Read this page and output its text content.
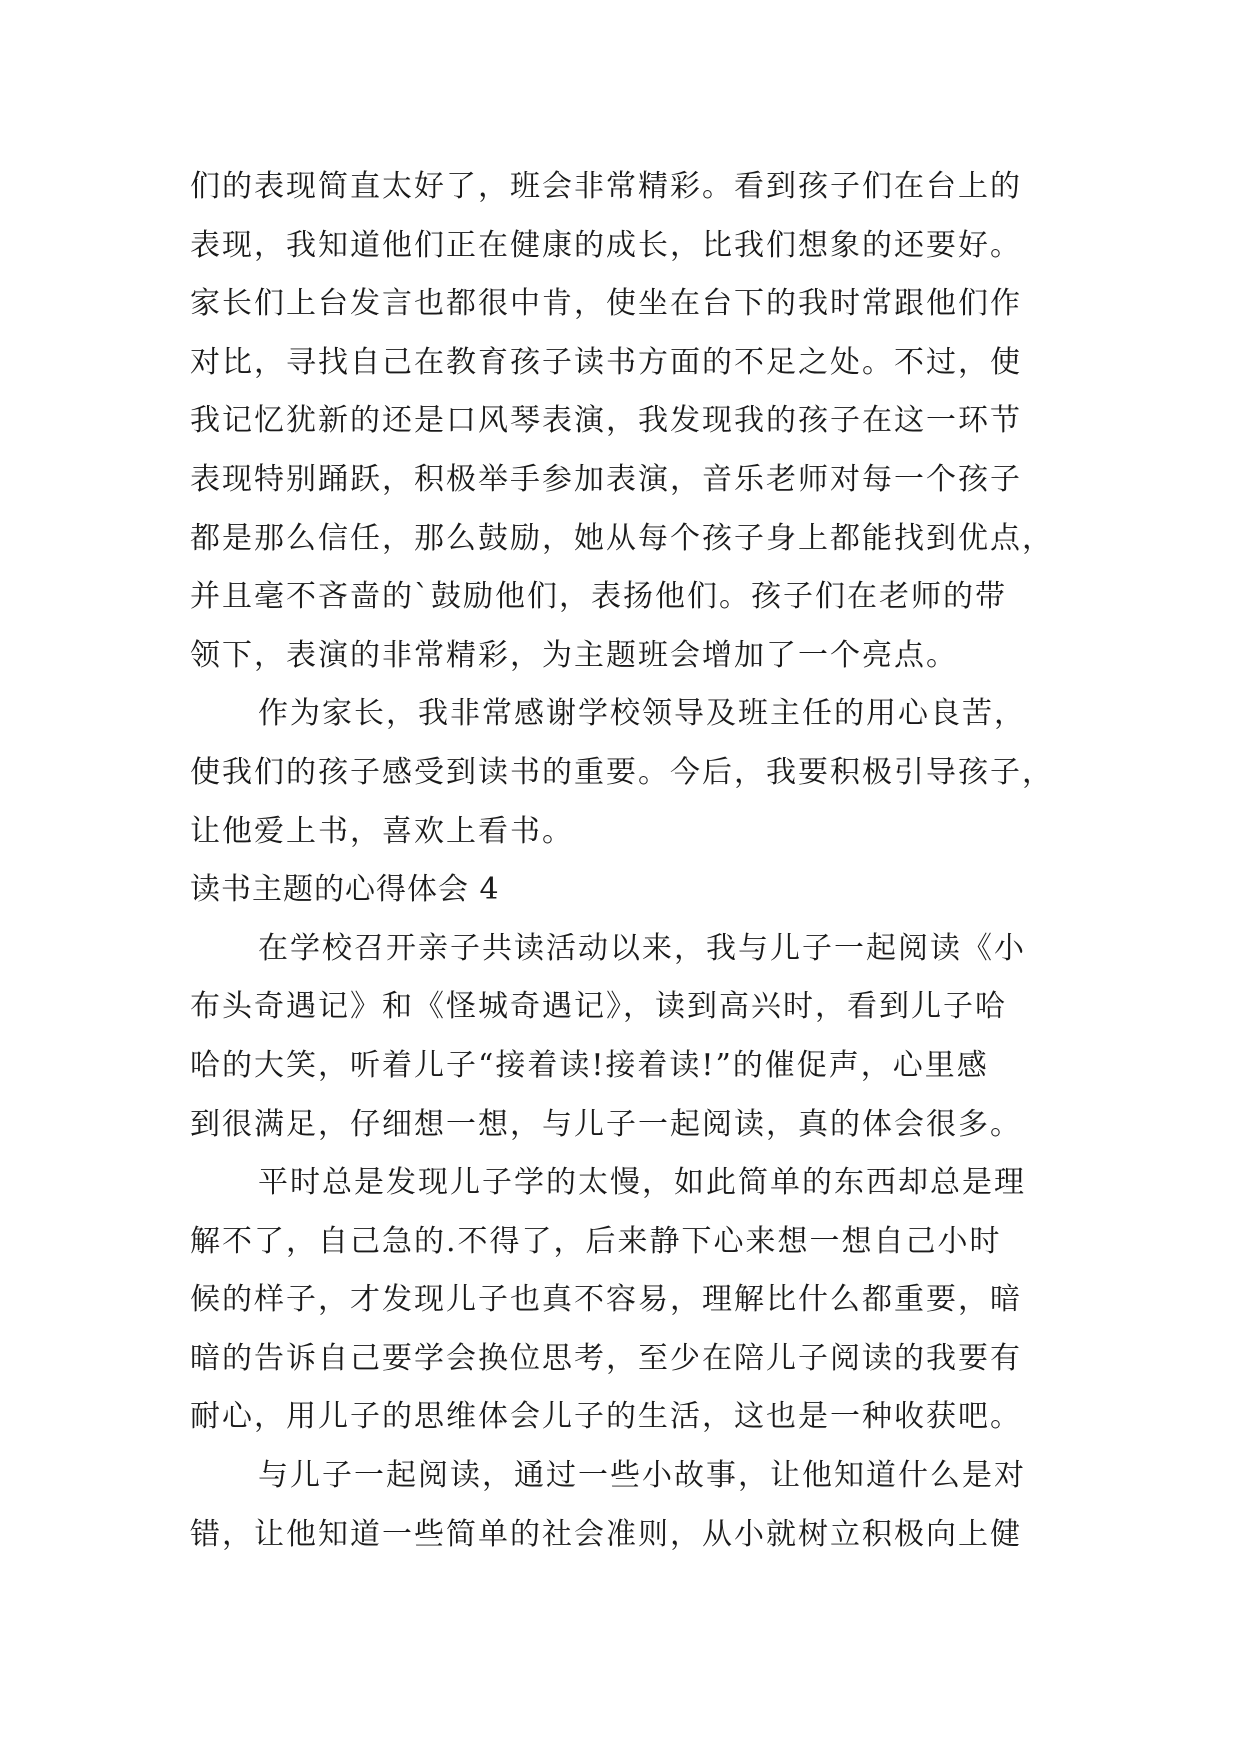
们的表现简直太好了，班会非常精彩。看到孩子们在台上的
表现，我知道他们正在健康的成长，比我们想象的还要好。
家长们上台发言也都很中肯，使坐在台下的我时常跟他们作
对比，寻找自己在教育孩子读书方面的不足之处。不过，使
我记忆犹新的还是口风琴表演，我发现我的孩子在这一环节
表现特别踊跃，积极举手参加表演，音乐老师对每一个孩子
都是那么信任，那么鼓励，她从每个孩子身上都能找到优点，
并且毫不吝啬的`鼓励他们，表扬他们。孩子们在老师的带
领下，表演的非常精彩，为主题班会增加了一个亮点。
作为家长，我非常感谢学校领导及班主任的用心良苦，
使我们的孩子感受到读书的重要。今后，我要积极引导孩子，
让他爱上书，喜欢上看书。
读书主题的心得体会 4
在学校召开亲子共读活动以来，我与儿子一起阅读《小
布头奇遇记》和《怪城奇遇记》，读到高兴时，看到儿子哈
哈的大笑，听着儿子“接着读!接着读!”的催促声，心里感
到很满足，仔细想一想，与儿子一起阅读，真的体会很多。
平时总是发现儿子学的太慢，如此简单的东西却总是理
解不了，自己急的.不得了，后来静下心来想一想自己小时
候的样子，才发现儿子也真不容易，理解比什么都重要，暗
暗的告诉自己要学会换位思考，至少在陪儿子阅读的我要有
耐心，用儿子的思维体会儿子的生活，这也是一种收获吧。
与儿子一起阅读，通过一些小故事，让他知道什么是对
错，让他知道一些简单的社会准则，从小就树立积极向上健
